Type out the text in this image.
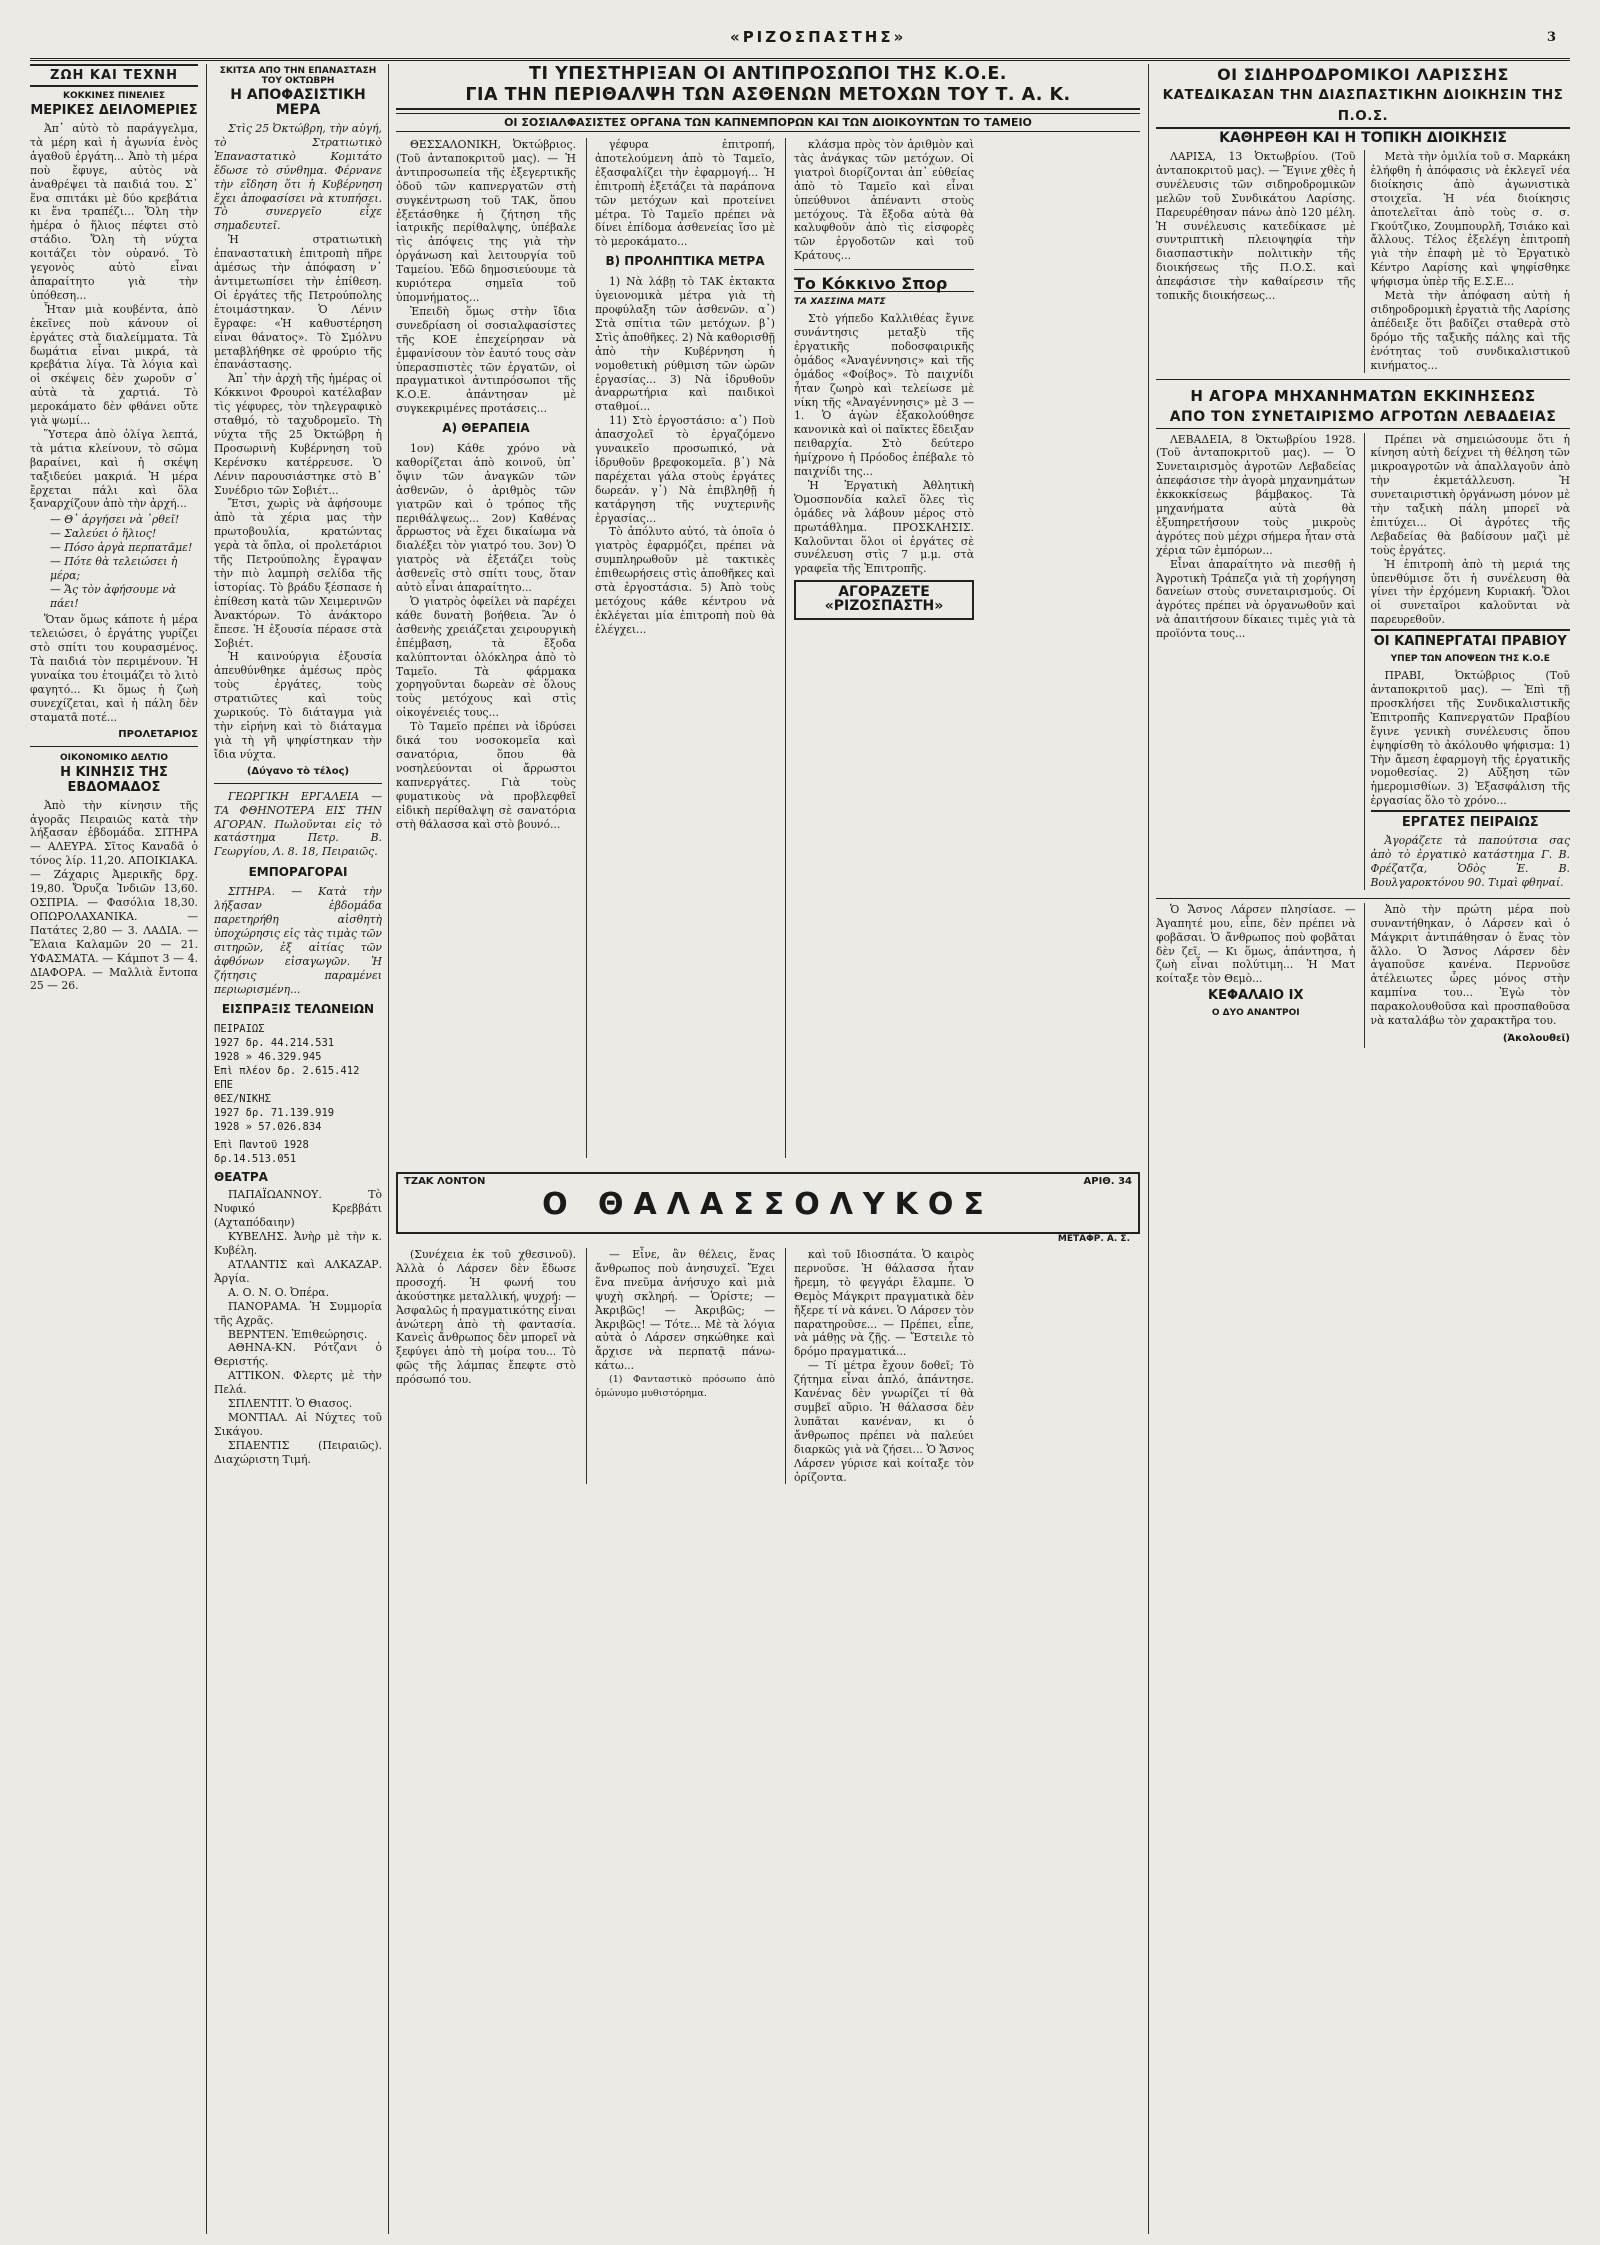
«ΡΙΖΟΣΠΑΣΤΗΣ»	3
ΖΩΗ ΚΑΙ ΤΕΧΝΗ
ΚΟΚΚΙΝΕΣ ΠΙΝΕΛΙΕΣ
ΜΕΡΙΚΕΣ ΔΕΙΛΟΜΕΡΙΕΣ

Ἀπ᾽ αὐτὸ τὸ παράγγελμα, τὰ μέρη καὶ ἡ ἀγωνία ἑνὸς ἀγαθοῦ ἐργάτη... Ἀπὸ τὴ μέρα ποὺ ἔφυγε, αὐτὸς νὰ ἀναθρέψει τὰ παιδιά του. Σ᾽ ἕνα σπιτάκι μὲ δύο κρεβάτια κι ἕνα τραπέζι... Ὅλη τὴν ἡμέρα ὁ ἥλιος πέφτει στὸ στάδιο. Ὅλη τὴ νύχτα κοιτάζει τὸν οὐρανό. Τὸ γεγονὸς αὐτὸ εἶναι ἀπαραίτητο γιὰ τὴν ὑπόθεση...

Ἦταν μιὰ κουβέντα, ἀπὸ ἐκεῖνες ποὺ κάνουν οἱ ἐργάτες στὰ διαλείμματα. Τὰ δωμάτια εἶναι μικρά, τὰ κρεβάτια λίγα. Τὰ λόγια καὶ οἱ σκέψεις δὲν χωροῦν σ᾽ αὐτὰ τὰ χαρτιά. Τὸ μεροκάματο δὲν φθάνει οὔτε γιὰ ψωμί...

Ὕστερα ἀπὸ ὀλίγα λεπτά, τὰ μάτια κλείνουν, τὸ σῶμα βαραίνει, καὶ ἡ σκέψη ταξιδεύει μακριά. Ἡ μέρα ἔρχεται πάλι καὶ ὅλα ξαναρχίζουν ἀπὸ τὴν ἀρχή...

— Θ᾽ ἀργήσει νὰ ᾽ρθεῖ!
— Σαλεύει ὁ ἥλιος!
— Πόσο ἀργὰ περπατᾶμε!
— Πότε θὰ τελειώσει ἡ μέρα;
— Ἄς τὸν ἀφήσουμε νὰ πάει!

Ὅταν ὅμως κάποτε ἡ μέρα τελειώσει, ὁ ἐργάτης γυρίζει στὸ σπίτι του κουρασμένος. Τὰ παιδιά τὸν περιμένουν. Ἡ γυναίκα του ἑτοιμάζει τὸ λιτὸ φαγητό... Κι ὅμως ἡ ζωὴ συνεχίζεται, καὶ ἡ πάλη δὲν σταματᾶ ποτέ...

ΠΡΟΛΕΤΑΡΙΟΣ
ΟΙΚΟΝΟΜΙΚΟ ΔΕΛΤΙΟ
Η ΚΙΝΗΣΙΣ ΤΗΣ ΕΒΔΟΜΑΔΟΣ

Ἀπὸ τὴν κίνησιν τῆς ἀγορᾶς Πειραιῶς κατὰ τὴν λήξασαν ἑβδομάδα. ΣΙΤΗΡΑ — ΑΛΕΥΡΑ. Σῖτος Καναδᾶ ὁ τόνος λίρ. 11,20. ΑΠΟΙΚΙΑΚΑ. — Ζάχαρις Ἀμερικῆς δρχ. 19,80. Ὄρυζα Ἰνδιῶν 13,60. ΟΣΠΡΙΑ. — Φασόλια 18,30. ΟΠΩΡΟΛΑΧΑΝΙΚΑ. — Πατάτες 2,80 — 3. ΛΑΔΙΑ. — Ἔλαια Καλαμῶν 20 — 21. ΥΦΑΣΜΑΤΑ. — Κάμποτ 3 — 4. ΔΙΑΦΟΡΑ. — Μαλλιὰ ἔντοπα 25 — 26.

ΣΚΙΤΣΑ ΑΠΟ ΤΗΝ ΕΠΑΝΑΣΤΑΣΗ ΤΟΥ ΟΚΤΩΒΡΗ
Η ΑΠΟΦΑΣΙΣΤΙΚΗ ΜΕΡΑ

Στὶς 25 Ὀκτώβρη, τὴν αὐγή, τὸ Στρατιωτικὸ Ἐπαναστατικὸ Κομιτάτο ἔδωσε τὸ σύνθημα. Φέρνανε τὴν εἴδηση ὅτι ἡ Κυβέρνηση ἔχει ἀποφασίσει νὰ κτυπήσει. Τὸ συνεργεῖο εἶχε σημαδευτεῖ.

Ἡ στρατιωτικὴ ἐπαναστατικὴ ἐπιτροπὴ πῆρε ἀμέσως τὴν ἀπόφαση ν᾽ ἀντιμετωπίσει τὴν ἐπίθεση. Οἱ ἐργάτες τῆς Πετρούπολης ἑτοιμάστηκαν. Ὁ Λένιν ἔγραφε: «Ἡ καθυστέρηση εἶναι θάνατος». Τὸ Σμόλνυ μεταβλήθηκε σὲ φρούριο τῆς ἐπανάστασης.

Ἀπ᾽ τὴν ἀρχὴ τῆς ἡμέρας οἱ Κόκκινοι Φρουροὶ κατέλαβαν τὶς γέφυρες, τὸν τηλεγραφικὸ σταθμό, τὸ ταχυδρομεῖο. Τὴ νύχτα τῆς 25 Ὀκτώβρη ἡ Προσωρινὴ Κυβέρνηση τοῦ Κερένσκυ κατέρρευσε. Ὁ Λένιν παρουσιάστηκε στὸ Β᾽ Συνέδριο τῶν Σοβιέτ...

Ἔτσι, χωρὶς νὰ ἀφήσουμε ἀπὸ τὰ χέρια μας τὴν πρωτοβουλία, κρατώντας γερὰ τὰ ὅπλα, οἱ προλετάριοι τῆς Πετρούπολης ἔγραψαν τὴν πιὸ λαμπρὴ σελίδα τῆς ἱστορίας. Τὸ βράδυ ξέσπασε ἡ ἐπίθεση κατὰ τῶν Χειμερινῶν Ἀνακτόρων. Τὸ ἀνάκτορο ἔπεσε. Ἡ ἐξουσία πέρασε στὰ Σοβιέτ.

Ἡ καινούργια ἐξουσία ἀπευθύνθηκε ἀμέσως πρὸς τοὺς ἐργάτες, τοὺς στρατιῶτες καὶ τοὺς χωρικούς. Τὸ διάταγμα γιὰ τὴν εἰρήνη καὶ τὸ διάταγμα γιὰ τὴ γῆ ψηφίστηκαν τὴν ἴδια νύχτα.

(Δύγανο τὸ τέλος)

ΓΕΩΡΓΙΚΗ ΕΡΓΑΛΕΙΑ — ΤΑ ΦΘΗΝΟΤΕΡΑ ΕΙΣ ΤΗΝ ΑΓΟΡΑΝ. Πωλοῦνται εἰς τὸ κατάστημα Πετρ. Β. Γεωργίου, Λ. 8. 18, Πειραιῶς.

ΕΜΠΟΡΑΓΟΡΑΙ

ΣΙΤΗΡΑ. — Κατὰ τὴν λήξασαν ἑβδομάδα παρετηρήθη αἰσθητὴ ὑποχώρησις εἰς τὰς τιμὰς τῶν σιτηρῶν, ἐξ αἰτίας τῶν ἀφθόνων εἰσαγωγῶν. Ἡ ζήτησις παραμένει περιωρισμένη...

ΕΙΣΠΡΑΞΙΣ ΤΕΛΩΝΕΙΩΝ
ΠΕΙΡΑΙΩΣ
1927 δρ. 44.214.531
1928 » 46.329.945
Ἐπὶ πλέον δρ. 2.615.412 ΕΠΕ
ΘΕΣ/ΝΙΚΗΣ
1927 δρ. 71.139.919
1928 » 57.026.834
Ἐπὶ Παντοῦ 1928 δρ.14.513.051
ΘΕΑΤΡΑ

ΠΑΠΑΪΩΑΝΝΟΥ. Τὸ Νυφικό Κρεββάτι (Αχταπόδαιην)

ΚΥΒΕΛΗΣ. Ἀνὴρ μὲ τὴν κ. Κυβέλη.

ΑΤΛΑΝΤΙΣ καὶ ΑΛΚΑΖΑΡ. Ἀργία.

Α. Ο. Ν. Ο. Ὀπέρα.

ΠΑΝΟΡΑΜΑ. Ἡ Συμμορία τῆς Αχρᾶς.

ΒΕΡΝΤΕΝ. Ἐπιθεώρησις.

ΑΘΗΝΑ-ΚΝ. Ρότζανι ὁ Θεριστής.

ΑΤΤΙΚΟΝ. Φλερτς μὲ τὴν Πελά.

ΣΠΛΕΝΤΙΤ. Ὁ Θιασος.

ΜΟΝΤΙΑΛ. Αἱ Νύχτες τοῦ Σικάγου.

ΣΠΑΕΝΤΙΣ (Πειραιῶς). Διαχώριστη Τιμή.

ΤΙ ΥΠΕΣΤΗΡΙΞΑΝ ΟΙ ΑΝΤΙΠΡΟΣΩΠΟΙ ΤΗΣ Κ.Ο.Ε.
ΓΙΑ ΤΗΝ ΠΕΡΙΘΑΛΨΗ ΤΩΝ ΑΣΘΕΝΩΝ ΜΕΤΟΧΩΝ ΤΟΥ Τ. Α. Κ.
ΟΙ ΣΟΣΙΑΛΦΑΣΙΣΤΕΣ ΟΡΓΑΝΑ ΤΩΝ ΚΑΠΝΕΜΠΟΡΩΝ ΚΑΙ ΤΩΝ ΔΙΟΙΚΟΥΝΤΩΝ ΤΟ ΤΑΜΕΙΟ

ΘΕΣΣΑΛΟΝΙΚΗ, Ὀκτώβριος. (Τοῦ ἀνταποκριτοῦ μας). — Ἡ ἀντιπροσωπεία τῆς ἐξεγερτικῆς ὁδοῦ τῶν καπνεργατῶν στὴ συγκέντρωση τοῦ ΤΑΚ, ὅπου ἐξετάσθηκε ἡ ζήτηση τῆς ἰατρικῆς περίθαλψης, ὑπέβαλε τὶς ἀπόψεις της γιὰ τὴν ὀργάνωση καὶ λειτουργία τοῦ Ταμείου. Ἐδῶ δημοσιεύουμε τὰ κυριότερα σημεῖα τοῦ ὑπομνήματος...

Ἐπειδὴ ὅμως στὴν ἴδια συνεδρίαση οἱ σοσιαλφασίστες τῆς ΚΟΕ ἐπεχείρησαν νὰ ἐμφανίσουν τὸν ἑαυτό τους σὰν ὑπερασπιστὲς τῶν ἐργατῶν, οἱ πραγματικοὶ ἀντιπρόσωποι τῆς Κ.Ο.Ε. ἀπάντησαν μὲ συγκεκριμένες προτάσεις...

Α) ΘΕΡΑΠΕΙΑ

1ον) Κάθε χρόνο νὰ καθορίζεται ἀπὸ κοινοῦ, ὑπ᾽ ὄψιν τῶν ἀναγκῶν τῶν ἀσθενῶν, ὁ ἀριθμὸς τῶν γιατρῶν καὶ ὁ τρόπος τῆς περιθάλψεως... 2ον) Καθένας ἄρρωστος νὰ ἔχει δικαίωμα νὰ διαλέξει τὸν γιατρό του. 3ον) Ὁ γιατρὸς νὰ ἐξετάζει τοὺς ἀσθενεῖς στὸ σπίτι τους, ὅταν αὐτὸ εἶναι ἀπαραίτητο...

Ὁ γιατρὸς ὀφείλει νὰ παρέχει κάθε δυνατὴ βοήθεια. Ἂν ὁ ἀσθενὴς χρειάζεται χειρουργικὴ ἐπέμβαση, τὰ ἔξοδα καλύπτονται ὁλόκληρα ἀπὸ τὸ Ταμεῖο. Τὰ φάρμακα χορηγοῦνται δωρεὰν σὲ ὅλους τοὺς μετόχους καὶ στὶς οἰκογένειές τους...

Τὸ Ταμεῖο πρέπει νὰ ἱδρύσει δικά του νοσοκομεῖα καὶ σανατόρια, ὅπου θὰ νοσηλεύονται οἱ ἄρρωστοι καπνεργάτες. Γιὰ τοὺς φυματικοὺς νὰ προβλεφθεῖ εἰδικὴ περίθαλψη σὲ σανατόρια στὴ θάλασσα καὶ στὸ βουνό...

γέφυρα ἐπιτροπή, ἀποτελούμενη ἀπὸ τὸ Ταμεῖο, ἐξασφαλίζει τὴν ἐφαρμογή... Ἡ ἐπιτροπὴ ἐξετάζει τὰ παράπονα τῶν μετόχων καὶ προτείνει μέτρα. Τὸ Ταμεῖο πρέπει νὰ δίνει ἐπίδομα ἀσθενείας ἴσο μὲ τὸ μεροκάματο...

Β) ΠΡΟΛΗΠΤΙΚΑ ΜΕΤΡΑ

1) Νὰ λάβῃ τὸ ΤΑΚ ἐκτακτα ὑγειονομικὰ μέτρα γιὰ τὴ προφύλαξη τῶν ἀσθενῶν. α᾽) Στὰ σπίτια τῶν μετόχων. β᾽) Στὶς ἀποθῆκες. 2) Νὰ καθορισθῇ ἀπὸ τὴν Κυβέρνηση ἡ νομοθετικὴ ρύθμιση τῶν ὡρῶν ἐργασίας... 3) Νὰ ἱδρυθοῦν ἀναρρωτήρια καὶ παιδικοὶ σταθμοί...

11) Στὸ ἐργοστάσιο: α᾽) Ποὺ ἀπασχολεῖ τὸ ἐργαζόμενο γυναικεῖο προσωπικό, νὰ ἱδρυθοῦν βρεφοκομεῖα. β᾽) Νὰ παρέχεται γάλα στοὺς ἐργάτες δωρεάν. γ᾽) Νὰ ἐπιβληθῇ ἡ κατάργηση τῆς νυχτερινῆς ἐργασίας...

Τὸ ἀπόλυτο αὐτό, τὰ ὁποῖα ὁ γιατρὸς ἐφαρμόζει, πρέπει νὰ συμπληρωθοῦν μὲ τακτικὲς ἐπιθεωρήσεις στὶς ἀποθῆκες καὶ στὰ ἐργοστάσια. 5) Ἀπὸ τοὺς μετόχους κάθε κέντρου νὰ ἐκλέγεται μία ἐπιτροπὴ ποὺ θὰ ἐλέγχει...

κλάσμα πρὸς τὸν ἀριθμὸν καὶ τὰς ἀνάγκας τῶν μετόχων. Οἱ γιατροὶ διορίζονται ἀπ᾽ εὐθείας ἀπὸ τὸ Ταμεῖο καὶ εἶναι ὑπεύθυνοι ἀπέναντι στοὺς μετόχους. Τὰ ἔξοδα αὐτὰ θὰ καλυφθοῦν ἀπὸ τὶς εἰσφορὲς τῶν ἐργοδοτῶν καὶ τοῦ Κράτους...

Το Κόκκινο Σπορ
ΤΑ ΧΑΣΣΙΝΑ ΜΑΤΣ

Στὸ γήπεδο Καλλιθέας ἔγινε συνάντησις μεταξὺ τῆς ἐργατικῆς ποδοσφαιρικῆς ὁμάδος «Ἀναγέννησις» καὶ τῆς ὁμάδος «Φοίβος». Τὸ παιχνίδι ἦταν ζωηρὸ καὶ τελείωσε μὲ νίκη τῆς «Ἀναγέννησις» μὲ 3 — 1. Ὁ ἀγὼν ἐξακολούθησε κανονικὰ καὶ οἱ παῖκτες ἔδειξαν πειθαρχία. Στὸ δεύτερο ἡμίχρονο ἡ Πρόοδος ἐπέβαλε τὸ παιχνίδι της...

Ἡ Ἐργατικὴ Ἀθλητικὴ Ὁμοσπονδία καλεῖ ὅλες τὶς ὁμάδες νὰ λάβουν μέρος στὸ πρωτάθλημα. ΠΡΟΣΚΛΗΣΙΣ. Καλοῦνται ὅλοι οἱ ἐργάτες σὲ συνέλευση στὶς 7 μ.μ. στὰ γραφεῖα τῆς Ἐπιτροπῆς.

ΑΓΟΡΑΖΕΤΕ «ΡΙΖΟΣΠΑΣΤΗ»
ΤΖΑΚ ΛΟΝΤΟΝ	ΑΡΙΘ. 34
Ο ΘΑΛΑΣΣΟΛΥΚΟΣ
ΜΕΤΑΦΡ. Α. Σ.

(Συνέχεια ἐκ τοῦ χθεσινοῦ). Ἀλλὰ ὁ Λάρσεν δὲν ἔδωσε προσοχή. Ἡ φωνή του ἀκούστηκε μεταλλική, ψυχρή: — Ἀσφαλῶς ἡ πραγματικότης εἶναι ἀνώτερη ἀπὸ τὴ φαντασία. Κανεὶς ἄνθρωπος δὲν μπορεῖ νὰ ξεφύγει ἀπὸ τὴ μοίρα του... Τὸ φῶς τῆς λάμπας ἔπεφτε στὸ πρόσωπό του.

— Εἶνε, ἂν θέλεις, ἕνας ἄνθρωπος ποὺ ἀνησυχεῖ. Ἔχει ἕνα πνεῦμα ἀνήσυχο καὶ μιὰ ψυχὴ σκληρή. — Ὁρίστε; — Ἀκριβῶς! — Ἀκριβῶς; — Ἀκριβῶς! — Τότε... Μὲ τὰ λόγια αὐτὰ ὁ Λάρσεν σηκώθηκε καὶ ἄρχισε νὰ περπατᾷ πάνω-κάτω...

(1) Φανταστικὸ πρόσωπο ἀπὸ ὁμώνυμο μυθιστόρημα.

καὶ τοῦ Ιδιοσπάτα. Ὁ καιρὸς περνοῦσε. Ἡ θάλασσα ἦταν ἤρεμη, τὸ φεγγάρι ἔλαμπε. Ὁ Θεμὸς Μάγκριτ πραγματικὰ δὲν ἤξερε τί νὰ κάνει. Ὁ Λάρσεν τὸν παρατηροῦσε... — Πρέπει, εἶπε, νὰ μάθῃς νὰ ζῇς. — Ἔστειλε τὸ δρόμο πραγματικά...

— Τί μέτρα ἔχουν δοθεῖ; Τὸ ζήτημα εἶναι ἀπλό, ἀπάντησε. Κανένας δὲν γνωρίζει τί θὰ συμβεῖ αὔριο. Ἡ θάλασσα δὲν λυπᾶται κανέναν, κι ὁ ἄνθρωπος πρέπει νὰ παλεύει διαρκῶς γιὰ νὰ ζήσει... Ὁ Ἄσνος Λάρσεν γύρισε καὶ κοίταξε τὸν ὁρίζοντα.

ΟΙ ΣΙΔΗΡΟΔΡΟΜΙΚΟΙ ΛΑΡΙΣΣΗΣ
ΚΑΤΕΔΙΚΑΣΑΝ ΤΗΝ ΔΙΑΣΠΑΣΤΙΚΗΝ ΔΙΟΙΚΗΣΙΝ ΤΗΣ Π.Ο.Σ.
ΚΑΘΗΡΕΘΗ ΚΑΙ Η ΤΟΠΙΚΗ ΔΙΟΙΚΗΣΙΣ

ΛΑΡΙΣΑ, 13 Ὀκτωβρίου. (Τοῦ ἀνταποκριτοῦ μας). — Ἔγινε χθὲς ἡ συνέλευσις τῶν σιδηροδρομικῶν μελῶν τοῦ Συνδικάτου Λαρίσης. Παρευρέθησαν πάνω ἀπὸ 120 μέλη. Ἡ συνέλευσις κατεδίκασε μὲ συντριπτικὴ πλειοψηφία τὴν διασπαστικὴν πολιτικὴν τῆς διοικήσεως τῆς Π.Ο.Σ. καὶ ἀπεφάσισε τὴν καθαίρεσιν τῆς τοπικῆς διοικήσεως...

Μετὰ τὴν ὁμιλία τοῦ σ. Μαρκάκη ἐλήφθη ἡ ἀπόφασις νὰ ἐκλεγεῖ νέα διοίκησις ἀπὸ ἀγωνιστικὰ στοιχεῖα. Ἡ νέα διοίκησις ἀποτελεῖται ἀπὸ τοὺς σ. σ. Γκούτζικο, Ζουμπουρλῆ, Τσιάκο καὶ ἄλλους. Τέλος ἐξελέγη ἐπιτροπὴ γιὰ τὴν ἐπαφὴ μὲ τὸ Ἐργατικὸ Κέντρο Λαρίσης καὶ ψηφίσθηκε ψήφισμα ὑπὲρ τῆς Ε.Σ.Ε...

Μετὰ τὴν ἀπόφαση αὐτὴ ἡ σιδηροδρομικὴ ἐργατιὰ τῆς Λαρίσης ἀπέδειξε ὅτι βαδίζει σταθερὰ στὸ δρόμο τῆς ταξικῆς πάλης καὶ τῆς ἑνότητας τοῦ συνδικαλιστικοῦ κινήματος...

Η ΑΓΟΡΑ ΜΗΧΑΝΗΜΑΤΩΝ ΕΚΚΙΝΗΣΕΩΣ
ΑΠΟ ΤΟΝ ΣΥΝΕΤΑΙΡΙΣΜΟ ΑΓΡΟΤΩΝ ΛΕΒΑΔΕΙΑΣ

ΛΕΒΑΔΕΙΑ, 8 Ὀκτωβρίου 1928. (Τοῦ ἀνταποκριτοῦ μας). — Ὁ Συνεταιρισμὸς ἀγροτῶν Λεβαδείας ἀπεφάσισε τὴν ἀγορὰ μηχανημάτων ἐκκοκκίσεως βάμβακος. Τὰ μηχανήματα αὐτὰ θὰ ἐξυπηρετήσουν τοὺς μικροὺς ἀγρότες ποὺ μέχρι σήμερα ἦταν στὰ χέρια τῶν ἐμπόρων...

Εἶναι ἀπαραίτητο νὰ πιεσθῇ ἡ Ἀγροτικὴ Τράπεζα γιὰ τὴ χορήγηση δανείων στοὺς συνεταιρισμούς. Οἱ ἀγρότες πρέπει νὰ ὀργανωθοῦν καὶ νὰ ἀπαιτήσουν δίκαιες τιμὲς γιὰ τὰ προϊόντα τους...

Πρέπει νὰ σημειώσουμε ὅτι ἡ κίνηση αὐτὴ δείχνει τὴ θέληση τῶν μικροαγροτῶν νὰ ἀπαλλαγοῦν ἀπὸ τὴν ἐκμετάλλευση. Ἡ συνεταιριστικὴ ὀργάνωση μόνον μὲ τὴν ταξικὴ πάλη μπορεῖ νὰ ἐπιτύχει... Οἱ ἀγρότες τῆς Λεβαδείας θὰ βαδίσουν μαζὶ μὲ τοὺς ἐργάτες.

Ἡ ἐπιτροπὴ ἀπὸ τὴ μεριά της ὑπενθύμισε ὅτι ἡ συνέλευση θὰ γίνει τὴν ἐρχόμενη Κυριακή. Ὅλοι οἱ συνεταῖροι καλοῦνται νὰ παρευρεθοῦν.

ΟΙ ΚΑΠΝΕΡΓΑΤΑΙ ΠΡΑΒΙΟΥ
ΥΠΕΡ ΤΩΝ ΑΠΟΨΕΩΝ ΤΗΣ Κ.Ο.Ε

ΠΡΑΒΙ, Ὀκτώβριος (Τοῦ ἀνταποκριτοῦ μας). — Ἐπὶ τῇ προσκλήσει τῆς Συνδικαλιστικῆς Ἐπιτροπῆς Καπνεργατῶν Πραβίου ἔγινε γενικὴ συνέλευσις ὅπου ἐψηφίσθη τὸ ἀκόλουθο ψήφισμα: 1) Τὴν ἄμεση ἐφαρμογὴ τῆς ἐργατικῆς νομοθεσίας. 2) Αὔξηση τῶν ἡμερομισθίων. 3) Ἐξασφάλιση τῆς ἐργασίας ὅλο τὸ χρόνο...

ΕΡΓΑΤΕΣ ΠΕΙΡΑΙΩΣ

Ἀγοράζετε τὰ παπούτσια σας ἀπὸ τὸ ἐργατικὸ κατάστημα Γ. Β. Φρέζατζα, Ὁδὸς Ἐ. Β. Βουλγαροκτόνου 90. Τιμαὶ φθηναί.

Ὁ Ἄσνος Λάρσεν πλησίασε. — Ἀγαπητέ μου, εἶπε, δὲν πρέπει νὰ φοβᾶσαι. Ὁ ἄνθρωπος ποὺ φοβᾶται δὲν ζεῖ. — Κι ὅμως, ἀπάντησα, ἡ ζωὴ εἶναι πολύτιμη... Ἡ Ματ κοίταξε τὸν Θεμὸ...

ΚΕΦΑΛΑΙΟ IX
Ο ΔΥΟ ΑΝΑΝΤΡΟΙ

Ἀπὸ τὴν πρώτη μέρα ποὺ συναντήθηκαν, ὁ Λάρσεν καὶ ὁ Μάγκριτ ἀντιπάθησαν ὁ ἕνας τὸν ἄλλο. Ὁ Ἄσνος Λάρσεν δὲν ἀγαποῦσε κανένα. Περνοῦσε ἀτέλειωτες ὧρες μόνος στὴν καμπίνα του... Ἐγὼ τὸν παρακολουθοῦσα καὶ προσπαθοῦσα νὰ καταλάβω τὸν χαρακτῆρα του.

(Ἀκολουθεῖ)
